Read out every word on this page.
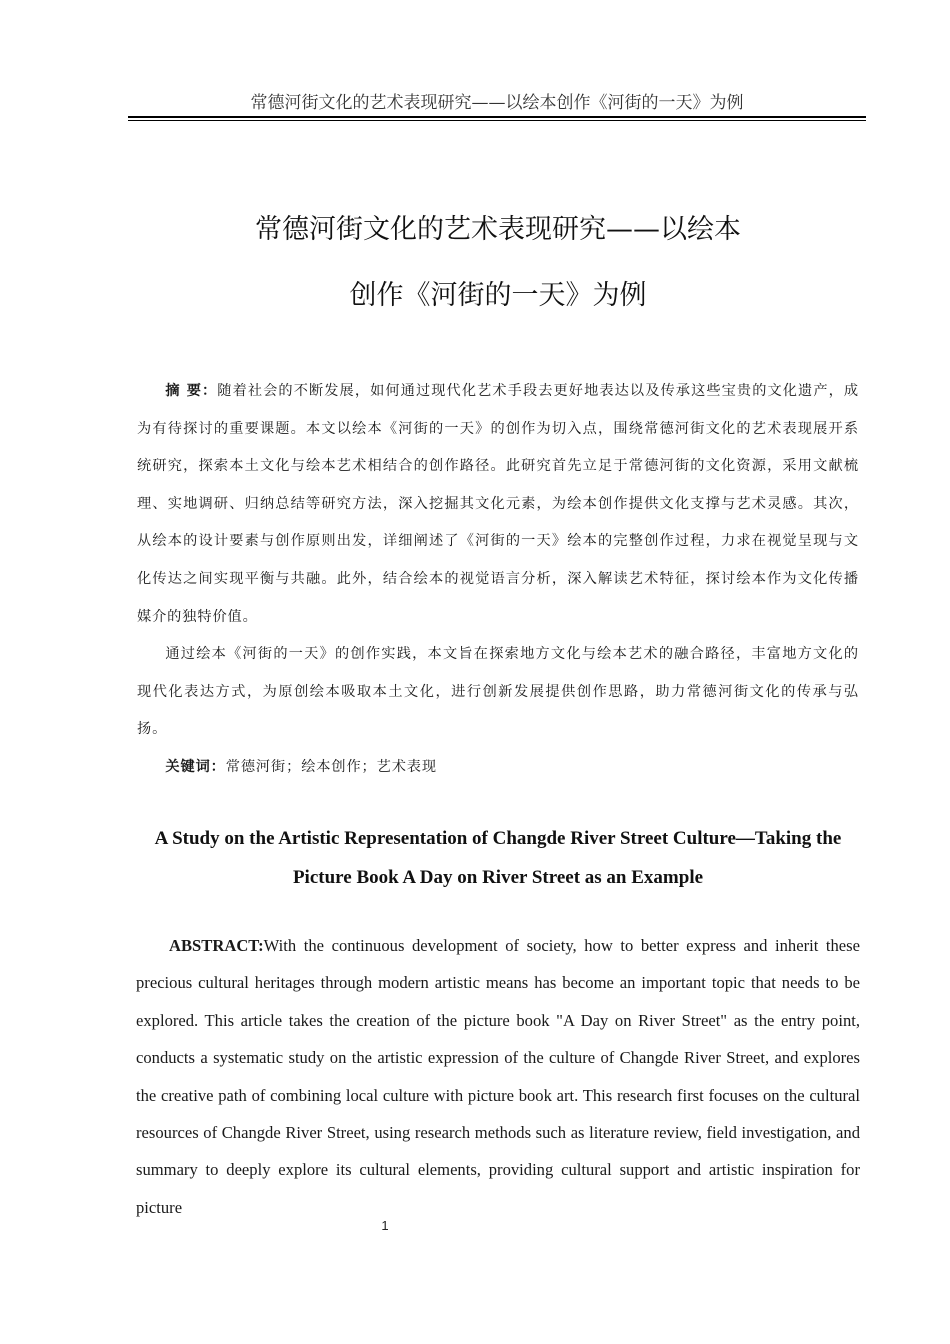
常德河街文化的艺术表现研究——以绘本创作《河街的一天》为例
常德河街文化的艺术表现研究——以绘本
创作《河街的一天》为例

摘 要：随着社会的不断发展，如何通过现代化艺术手段去更好地表达以及传承这些宝贵的文化遗产，成为有待探讨的重要课题。本文以绘本《河街的一天》的创作为切入点，围绕常德河街文化的艺术表现展开系统研究，探索本土文化与绘本艺术相结合的创作路径。此研究首先立足于常德河街的文化资源，采用文献梳理、实地调研、归纳总结等研究方法，深入挖掘其文化元素，为绘本创作提供文化支撑与艺术灵感。其次，从绘本的设计要素与创作原则出发，详细阐述了《河街的一天》绘本的完整创作过程，力求在视觉呈现与文化传达之间实现平衡与共融。此外，结合绘本的视觉语言分析，深入解读艺术特征，探讨绘本作为文化传播媒介的独特价值。

通过绘本《河街的一天》的创作实践，本文旨在探索地方文化与绘本艺术的融合路径，丰富地方文化的现代化表达方式，为原创绘本吸取本土文化，进行创新发展提供创作思路，助力常德河街文化的传承与弘扬。

关键词：常德河街；绘本创作；艺术表现

A Study on the Artistic Representation of Changde River Street Culture—Taking the
Picture Book A Day on River Street as an Example

ABSTRACT:With the continuous development of society, how to better express and inherit these precious cultural heritages through modern artistic means has become an important topic that needs to be explored. This article takes the creation of the picture book "A Day on River Street" as the entry point, conducts a systematic study on the artistic expression of the culture of Changde River Street, and explores the creative path of combining local culture with picture book art. This research first focuses on the cultural resources of Changde River Street, using research methods such as literature review, field investigation, and summary to deeply explore its cultural elements, providing cultural support and artistic inspiration for picture

1
